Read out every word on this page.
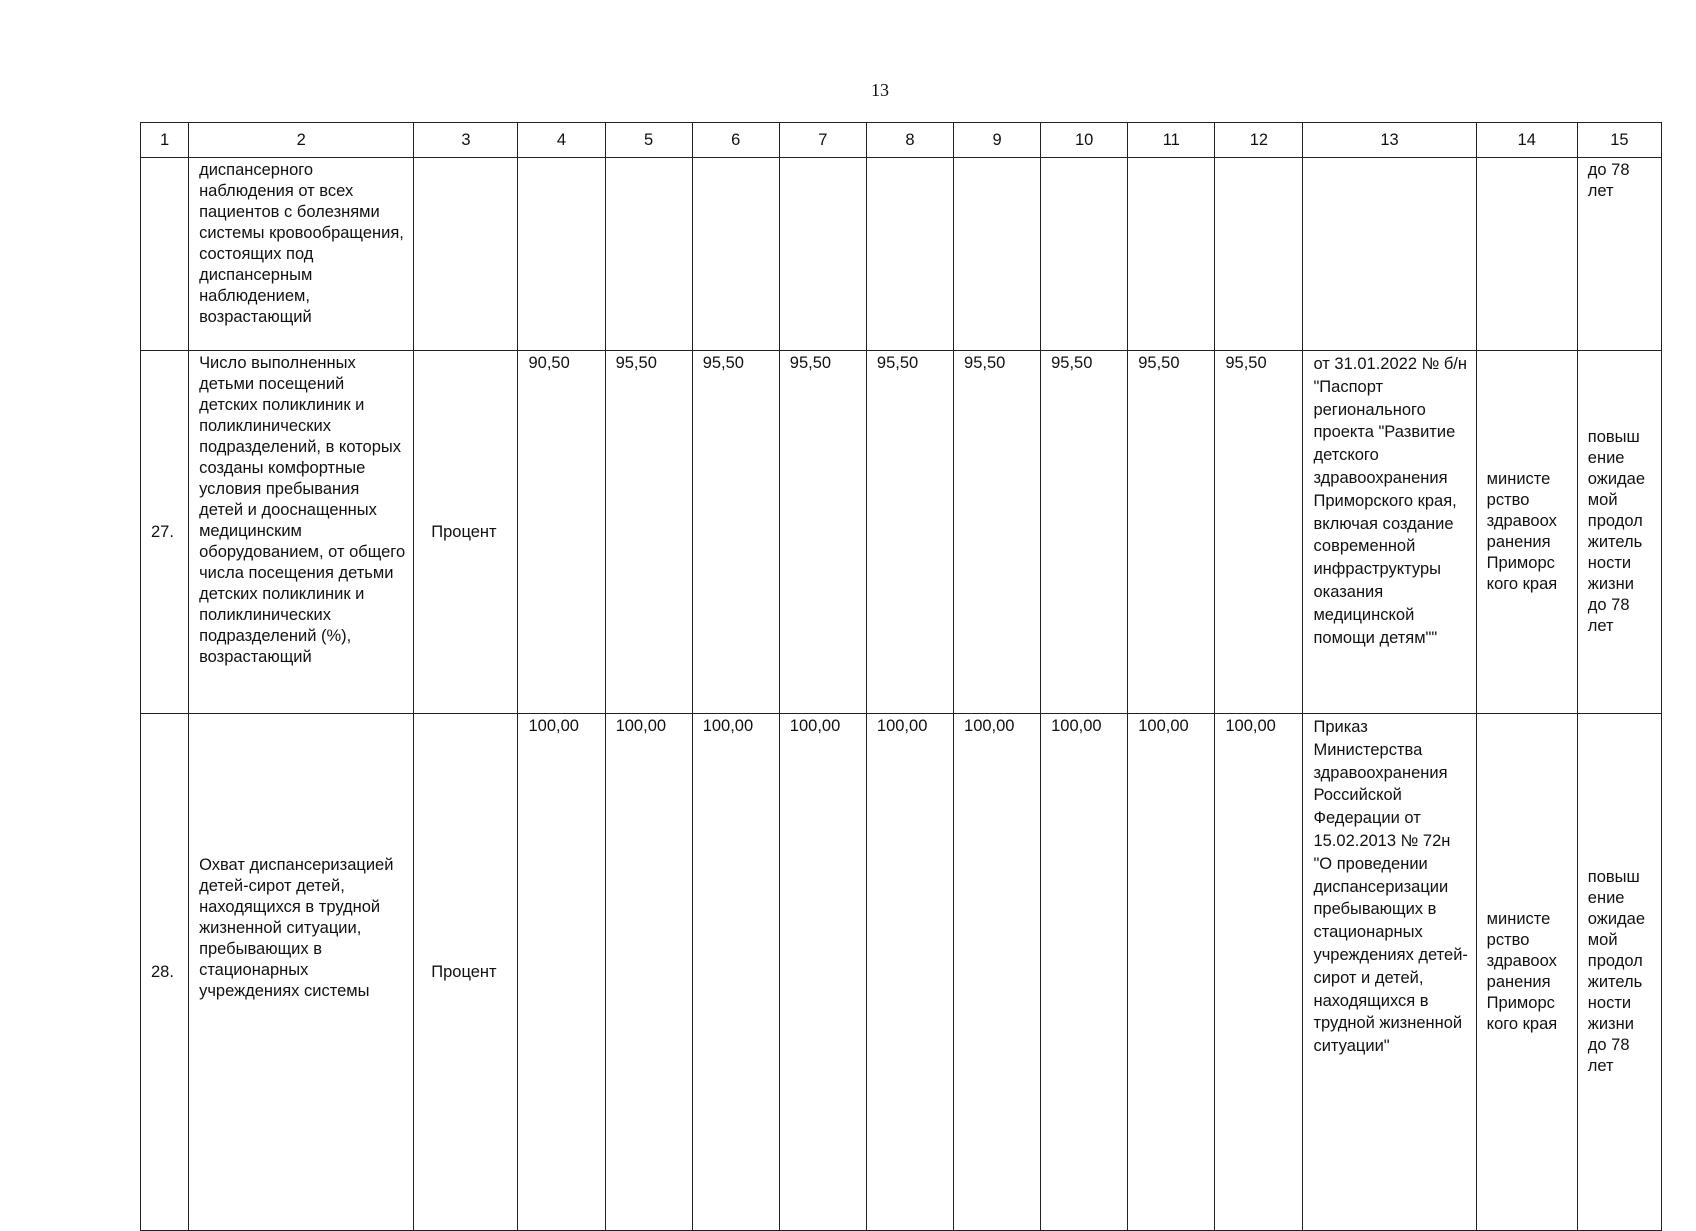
13
1	2	3	4	5	6	7	8	9	10	11	12	13	14	15
	диспансерного наблюдения от всех пациентов с болезнями системы кровообращения, состоящих под диспансерным наблюдением, возрастающий													до 78 лет
27.	Число выполненных детьми посещений детских поликлиник и поликлинических подразделений, в которых созданы комфортные условия пребывания детей и дооснащенных медицинским оборудованием, от общего числа посещения детьми детских поликлиник и поликлинических подразделений (%), возрастающий	Процент	90,50	95,50	95,50	95,50	95,50	95,50	95,50	95,50	95,50	от 31.01.2022 № б/н "Паспорт регионального проекта "Развитие детского здравоохранения Приморского края, включая создание современной инфраструктуры оказания медицинской помощи детям""	министе рство здравоох ранения Приморс кого края	повыш ение ожидае мой продол житель ности жизни до 78 лет
28.	Охват диспансеризацией детей-сирот детей, находящихся в трудной жизненной ситуации, пребывающих в стационарных учреждениях системы	Процент	100,00	100,00	100,00	100,00	100,00	100,00	100,00	100,00	100,00	Приказ Министерства здравоохранения Российской Федерации от 15.02.2013 № 72н "О проведении диспансеризации пребывающих в стационарных учреждениях детей-сирот и детей, находящихся в трудной жизненной ситуации"	министе рство здравоох ранения Приморс кого края	повыш ение ожидае мой продол житель ности жизни до 78 лет
